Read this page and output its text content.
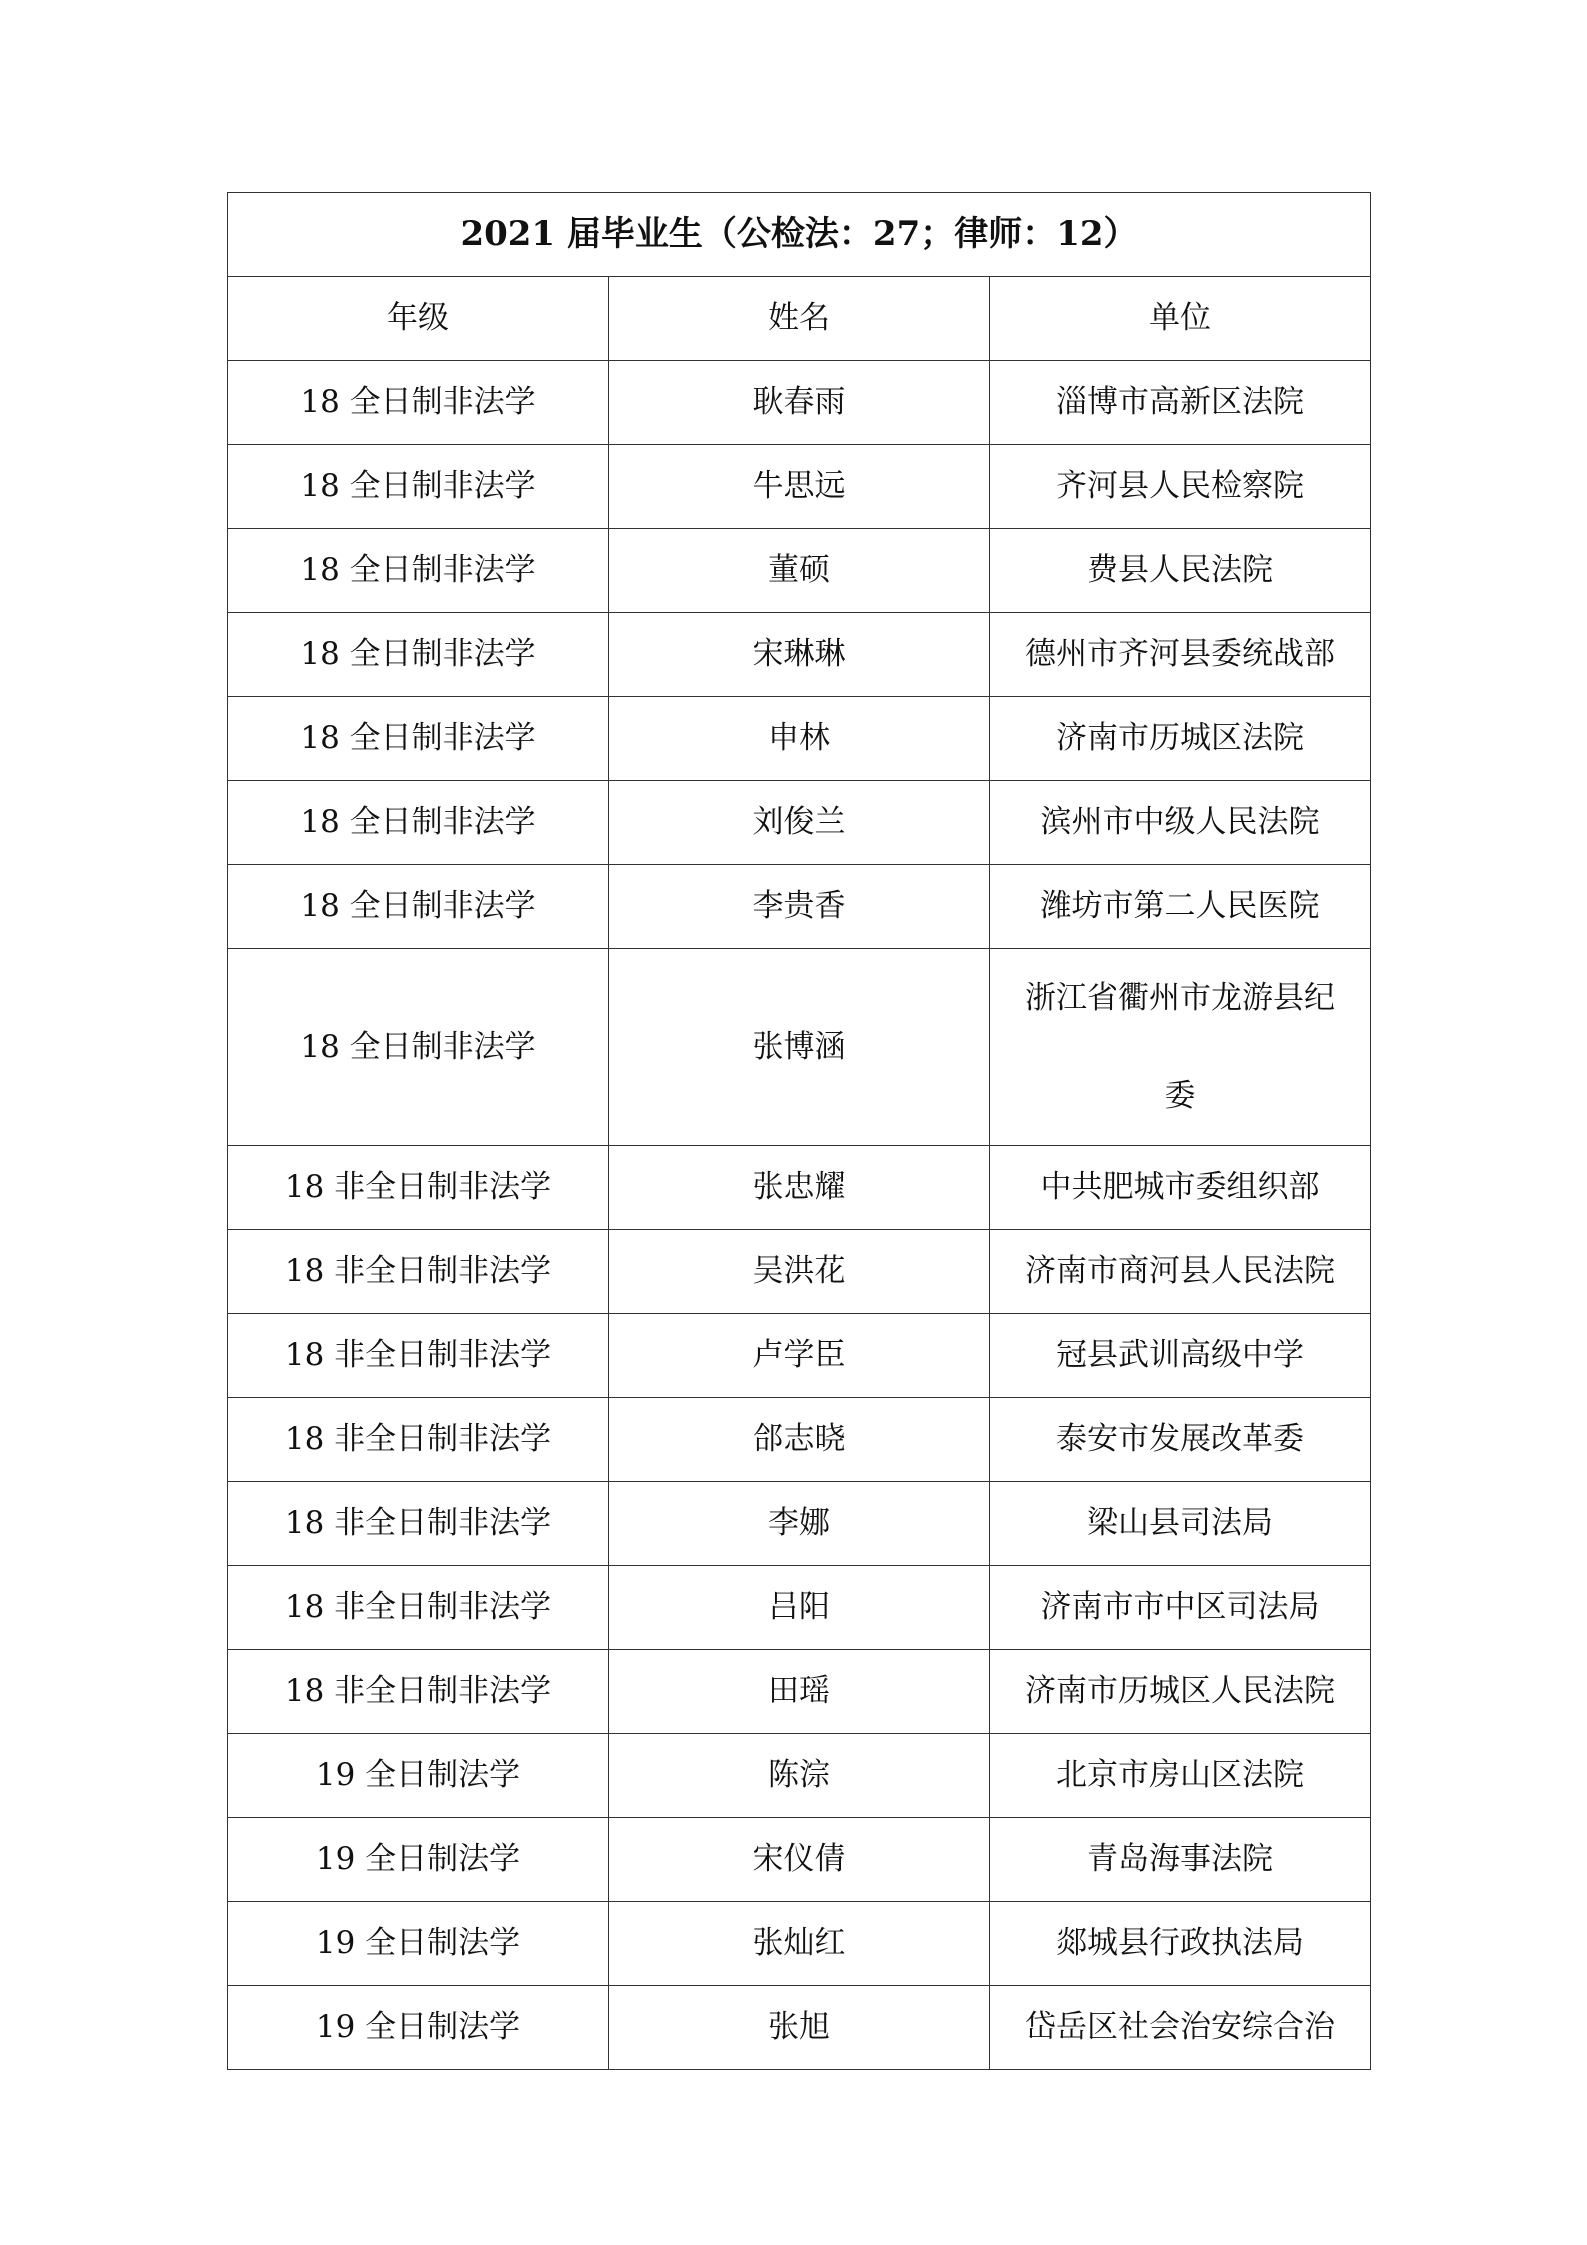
2021 届毕业生（公检法：27；律师：12）		
年级	姓名	单位
18 全日制非法学	耿春雨	淄博市高新区法院
18 全日制非法学	牛思远	齐河县人民检察院
18 全日制非法学	董硕	费县人民法院
18 全日制非法学	宋琳琳	德州市齐河县委统战部
18 全日制非法学	申林	济南市历城区法院
18 全日制非法学	刘俊兰	滨州市中级人民法院
18 全日制非法学	李贵香	潍坊市第二人民医院
18 全日制非法学	张博涵	浙江省衢州市龙游县纪委
18 非全日制非法学	张忠耀	中共肥城市委组织部
18 非全日制非法学	吴洪花	济南市商河县人民法院
18 非全日制非法学	卢学臣	冠县武训高级中学
18 非全日制非法学	郃志晓	泰安市发展改革委
18 非全日制非法学	李娜	梁山县司法局
18 非全日制非法学	吕阳	济南市市中区司法局
18 非全日制非法学	田瑶	济南市历城区人民法院
19 全日制法学	陈淙	北京市房山区法院
19 全日制法学	宋仪倩	青岛海事法院
19 全日制法学	张灿红	郯城县行政执法局
19 全日制法学	张旭	岱岳区社会治安综合治
